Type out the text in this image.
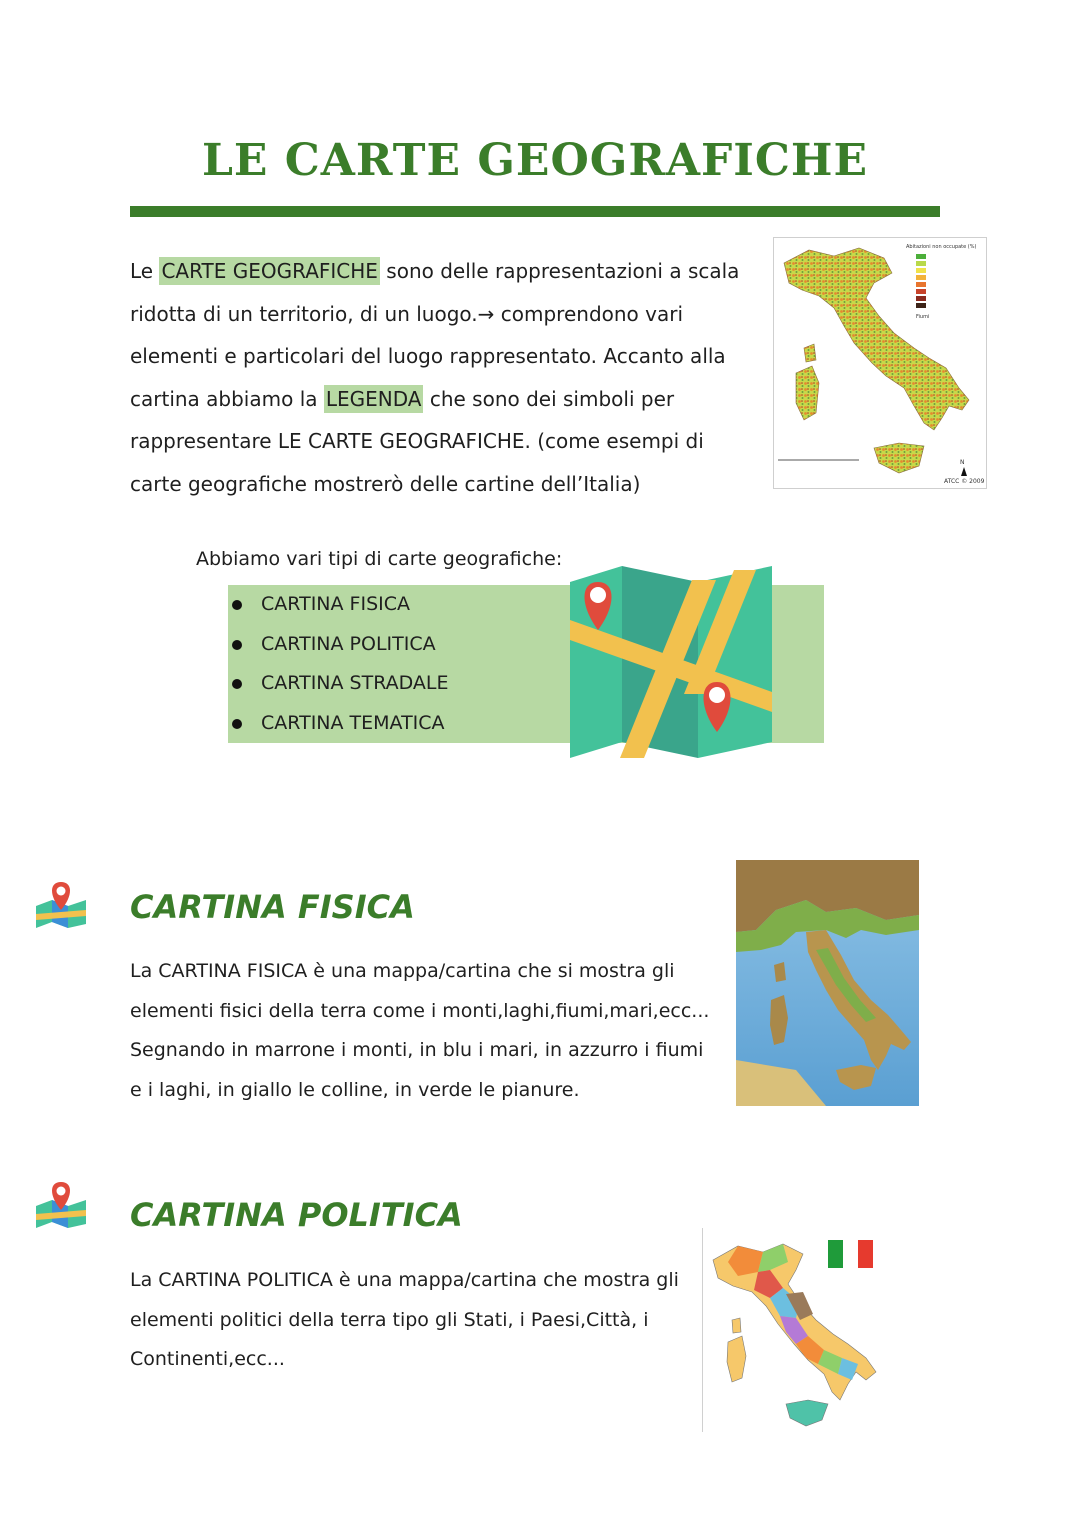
LE CARTE GEOGRAFICHE

Le CARTE GEOGRAFICHE sono delle rappresentazioni a scala ridotta di un territorio, di un luogo.→ comprendono vari elementi e particolari del luogo rappresentato. Accanto alla cartina abbiamo la LEGENDA che sono dei simboli per rappresentare LE CARTE GEOGRAFICHE. (come esempi di carte geografiche mostrerò delle cartine dell’Italia)

Abitazioni non occupate (%)
Fiumi
N
ATCC © 2009

Abbiamo vari tipi di carte geografiche:

CARTINA FISICA
CARTINA POLITICA
CARTINA STRADALE
CARTINA TEMATICA
CARTINA FISICA

La CARTINA FISICA è una mappa/cartina che si mostra gli elementi fisici della terra come i monti,laghi,fiumi,mari,ecc... Segnando in marrone i monti, in blu i mari, in azzurro i fiumi e i laghi, in giallo le colline, in verde le pianure.

CARTINA POLITICA

La CARTINA POLITICA è una mappa/cartina che mostra gli elementi politici della terra tipo gli Stati, i Paesi,Città, i Continenti,ecc...
